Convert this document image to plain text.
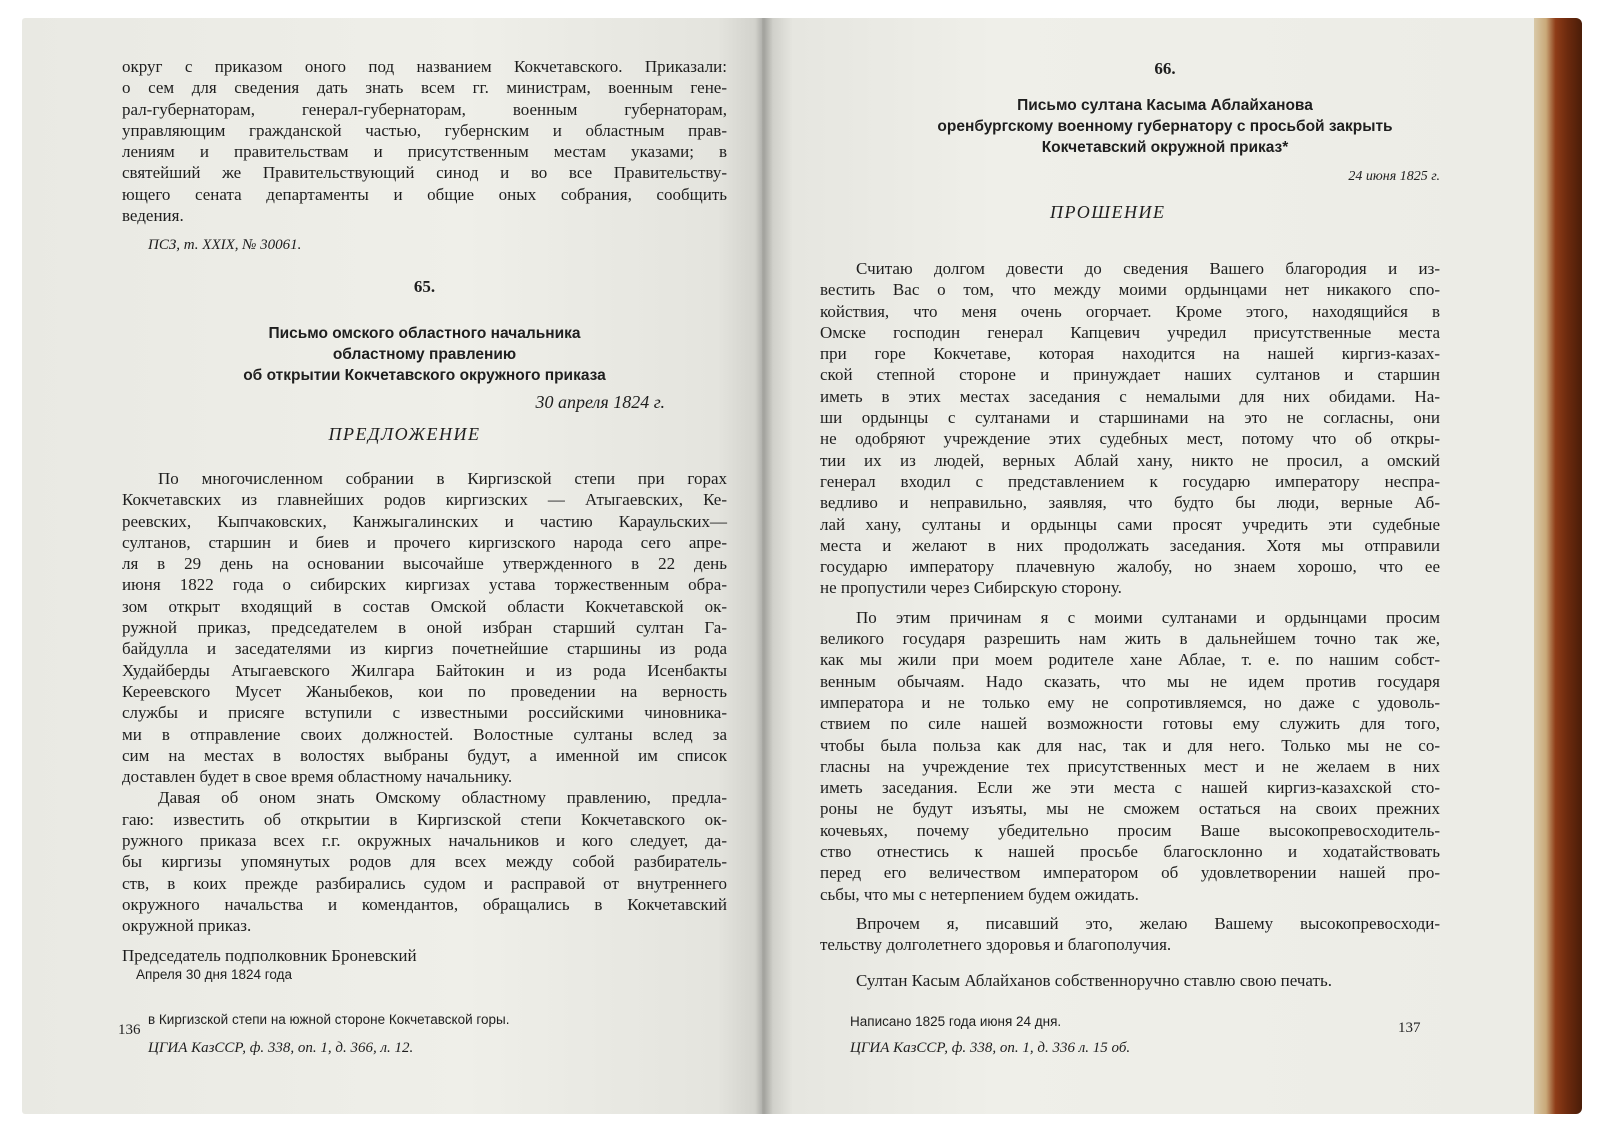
округ с приказом оного под названием Кокчетавского. Приказали:
о сем для сведения дать знать всем гг. министрам, военным гене-
рал-губернаторам, генерал-губернаторам, военным губернаторам,
управляющим гражданской частью, губернским и областным прав-
лениям и правительствам и присутственным местам указами; в
святейший же Правительствующий синод и во все Правительству-
ющего сената департаменты и общие оных собрания, сообщить
ведения.
ПСЗ, т. XXIX, № 30061.
65.
Письмо омского областного начальника
областному правлению
об открытии Кокчетавского окружного приказа
30 апреля 1824 г.
ПРЕДЛОЖЕНИЕ
По многочисленном собрании в Киргизской степи при горах
Кокчетавских из главнейших родов киргизских — Атыгаевских, Ке-
реевских, Кыпчаковских, Канжыгалинских и частию Караульских—
султанов, старшин и биев и прочего киргизского народа сего апре-
ля в 29 день на основании высочайше утвержденного в 22 день
июня 1822 года о сибирских киргизах устава торжественным обра-
зом открыт входящий в состав Омской области Кокчетавской ок-
ружной приказ, председателем в оной избран старший султан Га-
байдулла и заседателями из киргиз почетнейшие старшины из рода
Худайберды Атыгаевского Жилгара Байтокин и из рода Исенбакты
Кереевского Мусет Жаныбеков, кои по проведении на верность
службы и присяге вступили с известными российскими чиновника-
ми в отправление своих должностей. Волостные султаны вслед за
сим на местах в волостях выбраны будут, а именной им список
доставлен будет в свое время областному начальнику.
Давая об оном знать Омскому областному правлению, предла-
гаю: известить об открытии в Киргизской степи Кокчетавского ок-
ружного приказа всех г.г. окружных начальников и кого следует, да-
бы киргизы упомянутых родов для всех между собой разбиратель-
ств, в коих прежде разбирались судом и расправой от внутреннего
окружного начальства и комендантов, обращались в Кокчетавский
окружной приказ.
Председатель подполковник Броневский
Апреля 30 дня 1824 года
в Киргизской степи на южной стороне Кокчетавской горы.
ЦГИА КазССР, ф. 338, оп. 1, д. 366, л. 12.
136
66.
Письмо султана Касыма Аблайханова
оренбургскому военному губернатору с просьбой закрыть
Кокчетавский окружной приказ*
24 июня 1825 г.
ПРОШЕНИЕ
Считаю долгом довести до сведения Вашего благородия и из-
вестить Вас о том, что между моими ордынцами нет никакого спо-
койствия, что меня очень огорчает. Кроме этого, находящийся в
Омске господин генерал Капцевич учредил присутственные места
при горе Кокчетаве, которая находится на нашей киргиз-казах-
ской степной стороне и принуждает наших султанов и старшин
иметь в этих местах заседания с немалыми для них обидами. На-
ши ордынцы с султанами и старшинами на это не согласны, они
не одобряют учреждение этих судебных мест, потому что об откры-
тии их из людей, верных Аблай хану, никто не просил, а омский
генерал входил с представлением к государю императору неспра-
ведливо и неправильно, заявляя, что будто бы люди, верные Аб-
лай хану, султаны и ордынцы сами просят учредить эти судебные
места и желают в них продолжать заседания. Хотя мы отправили
государю императору плачевную жалобу, но знаем хорошо, что ее
не пропустили через Сибирскую сторону.
По этим причинам я с моими султанами и ордынцами просим
великого государя разрешить нам жить в дальнейшем точно так же,
как мы жили при моем родителе хане Аблае, т. е. по нашим собст-
венным обычаям. Надо сказать, что мы не идем против государя
императора и не только ему не сопротивляемся, но даже с удоволь-
ствием по силе нашей возможности готовы ему служить для того,
чтобы была польза как для нас, так и для него. Только мы не со-
гласны на учреждение тех присутственных мест и не желаем в них
иметь заседания. Если же эти места с нашей киргиз-казахской сто-
роны не будут изъяты, мы не сможем остаться на своих прежних
кочевьях, почему убедительно просим Ваше высокопревосходитель-
ство отнестись к нашей просьбе благосклонно и ходатайствовать
перед его величеством императором об удовлетворении нашей про-
сьбы, что мы с нетерпением будем ожидать.
Впрочем я, писавший это, желаю Вашему высокопревосходи-
тельству долголетнего здоровья и благополучия.
Султан Касым Аблайханов собственноручно ставлю свою печать.
Написано 1825 года июня 24 дня.
ЦГИА КазССР, ф. 338, оп. 1, д. 336 л. 15 об.
137
